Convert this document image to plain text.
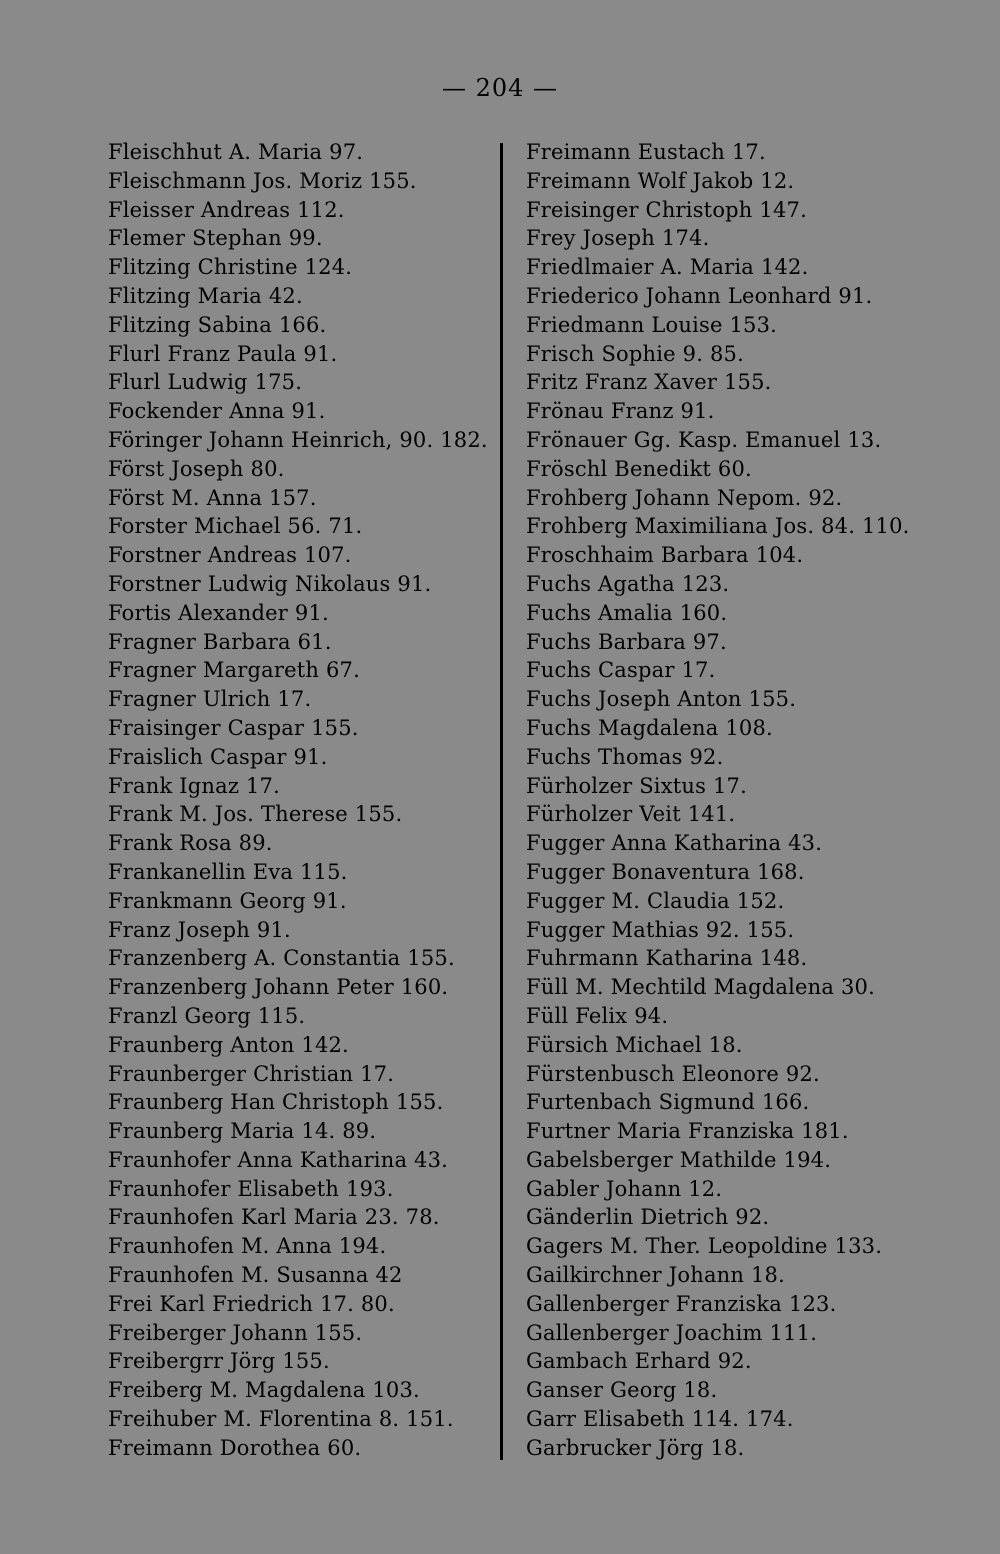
— 204 —
Fleischhut A. Maria 97.
Fleischmann Jos. Moriz 155.
Fleisser Andreas 112.
Flemer Stephan 99.
Flitzing Christine 124.
Flitzing Maria 42.
Flitzing Sabina 166.
Flurl Franz Paula 91.
Flurl Ludwig 175.
Fockender Anna 91.
Föringer Johann Heinrich, 90. 182.
Först Joseph 80.
Först M. Anna 157.
Forster Michael 56. 71.
Forstner Andreas 107.
Forstner Ludwig Nikolaus 91.
Fortis Alexander 91.
Fragner Barbara 61.
Fragner Margareth 67.
Fragner Ulrich 17.
Fraisinger Caspar 155.
Fraislich Caspar 91.
Frank Ignaz 17.
Frank M. Jos. Therese 155.
Frank Rosa 89.
Frankanellin Eva 115.
Frankmann Georg 91.
Franz Joseph 91.
Franzenberg A. Constantia 155.
Franzenberg Johann Peter 160.
Franzl Georg 115.
Fraunberg Anton 142.
Fraunberger Christian 17.
Fraunberg Han Christoph 155.
Fraunberg Maria 14. 89.
Fraunhofer Anna Katharina 43.
Fraunhofer Elisabeth 193.
Fraunhofen Karl Maria 23. 78.
Fraunhofen M. Anna 194.
Fraunhofen M. Susanna 42
Frei Karl Friedrich 17. 80.
Freiberger Johann 155.
Freibergrr Jörg 155.
Freiberg M. Magdalena 103.
Freihuber M. Florentina 8. 151.
Freimann Dorothea 60.
Freimann Eustach 17.
Freimann Wolf Jakob 12.
Freisinger Christoph 147.
Frey Joseph 174.
Friedlmaier A. Maria 142.
Friederico Johann Leonhard 91.
Friedmann Louise 153.
Frisch Sophie 9. 85.
Fritz Franz Xaver 155.
Frönau Franz 91.
Frönauer Gg. Kasp. Emanuel 13.
Fröschl Benedikt 60.
Frohberg Johann Nepom. 92.
Frohberg Maximiliana Jos. 84. 110.
Froschhaim Barbara 104.
Fuchs Agatha 123.
Fuchs Amalia 160.
Fuchs Barbara 97.
Fuchs Caspar 17.
Fuchs Joseph Anton 155.
Fuchs Magdalena 108.
Fuchs Thomas 92.
Fürholzer Sixtus 17.
Fürholzer Veit 141.
Fugger Anna Katharina 43.
Fugger Bonaventura 168.
Fugger M. Claudia 152.
Fugger Mathias 92. 155.
Fuhrmann Katharina 148.
Füll M. Mechtild Magdalena 30.
Füll Felix 94.
Fürsich Michael 18.
Fürstenbusch Eleonore 92.
Furtenbach Sigmund 166.
Furtner Maria Franziska 181.
Gabelsberger Mathilde 194.
Gabler Johann 12.
Gänderlin Dietrich 92.
Gagers M. Ther. Leopoldine 133.
Gailkirchner Johann 18.
Gallenberger Franziska 123.
Gallenberger Joachim 111.
Gambach Erhard 92.
Ganser Georg 18.
Garr Elisabeth 114. 174.
Garbrucker Jörg 18.
